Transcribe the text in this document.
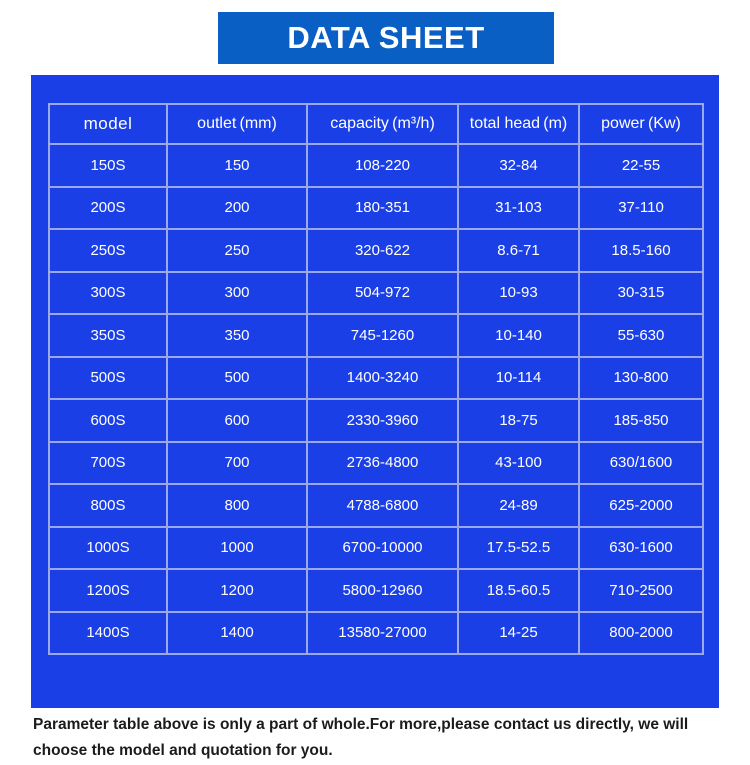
DATA SHEET
model	outlet (mm)	capacity (m³/h)	total head (m)	power (Kw)
150S	150	108-220	32-84	22-55
200S	200	180-351	31-103	37-110
250S	250	320-622	8.6-71	18.5-160
300S	300	504-972	10-93	30-315
350S	350	745-1260	10-140	55-630
500S	500	1400-3240	10-114	130-800
600S	600	2330-3960	18-75	185-850
700S	700	2736-4800	43-100	630/1600
800S	800	4788-6800	24-89	625-2000
1000S	1000	6700-10000	17.5-52.5	630-1600
1200S	1200	5800-12960	18.5-60.5	710-2500
1400S	1400	13580-27000	14-25	800-2000
Parameter table above is only a part of whole.For more,please contact us directly, we will choose the model and quotation for you.
